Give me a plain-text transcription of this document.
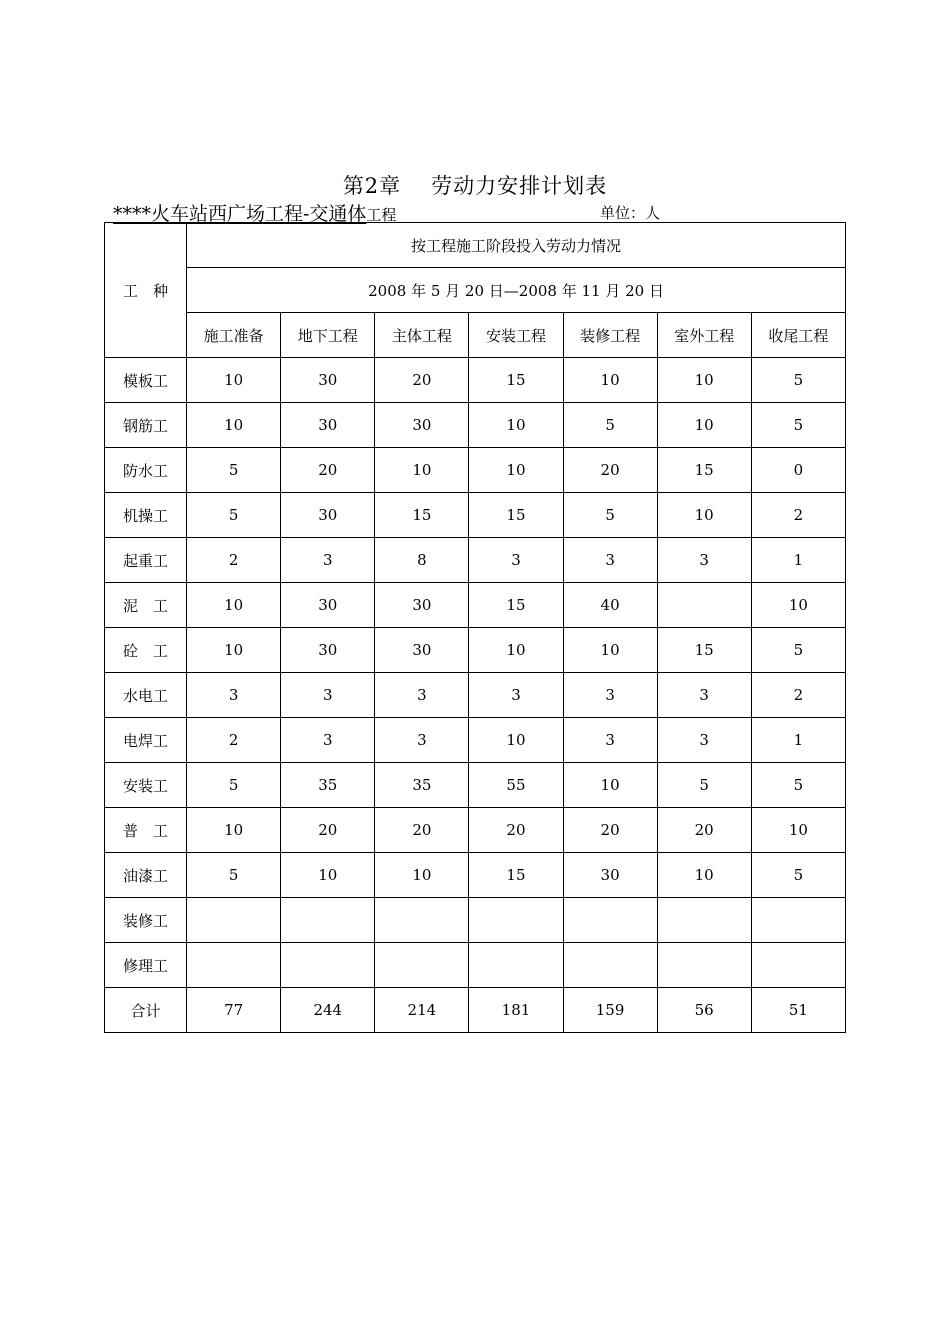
第2章 劳动力安排计划表
****火车站西广场工程-交通体工程	单位：人
工　种	按工程施工阶段投入劳动力情况						
	2008 年 5 月 20 日—2008 年 11 月 20 日						
	施工准备	地下工程	主体工程	安装工程	装修工程	室外工程	收尾工程
模板工	10	30	20	15	10	10	5
钢筋工	10	30	30	10	5	10	5
防水工	5	20	10	10	20	15	0
机操工	5	30	15	15	5	10	2
起重工	2	3	8	3	3	3	1
泥　工	10	30	30	15	40		10
砼　工	10	30	30	10	10	15	5
水电工	3	3	3	3	3	3	2
电焊工	2	3	3	10	3	3	1
安装工	5	35	35	55	10	5	5
普　工	10	20	20	20	20	20	10
油漆工	5	10	10	15	30	10	5
装修工							
修理工							
合计	77	244	214	181	159	56	51
